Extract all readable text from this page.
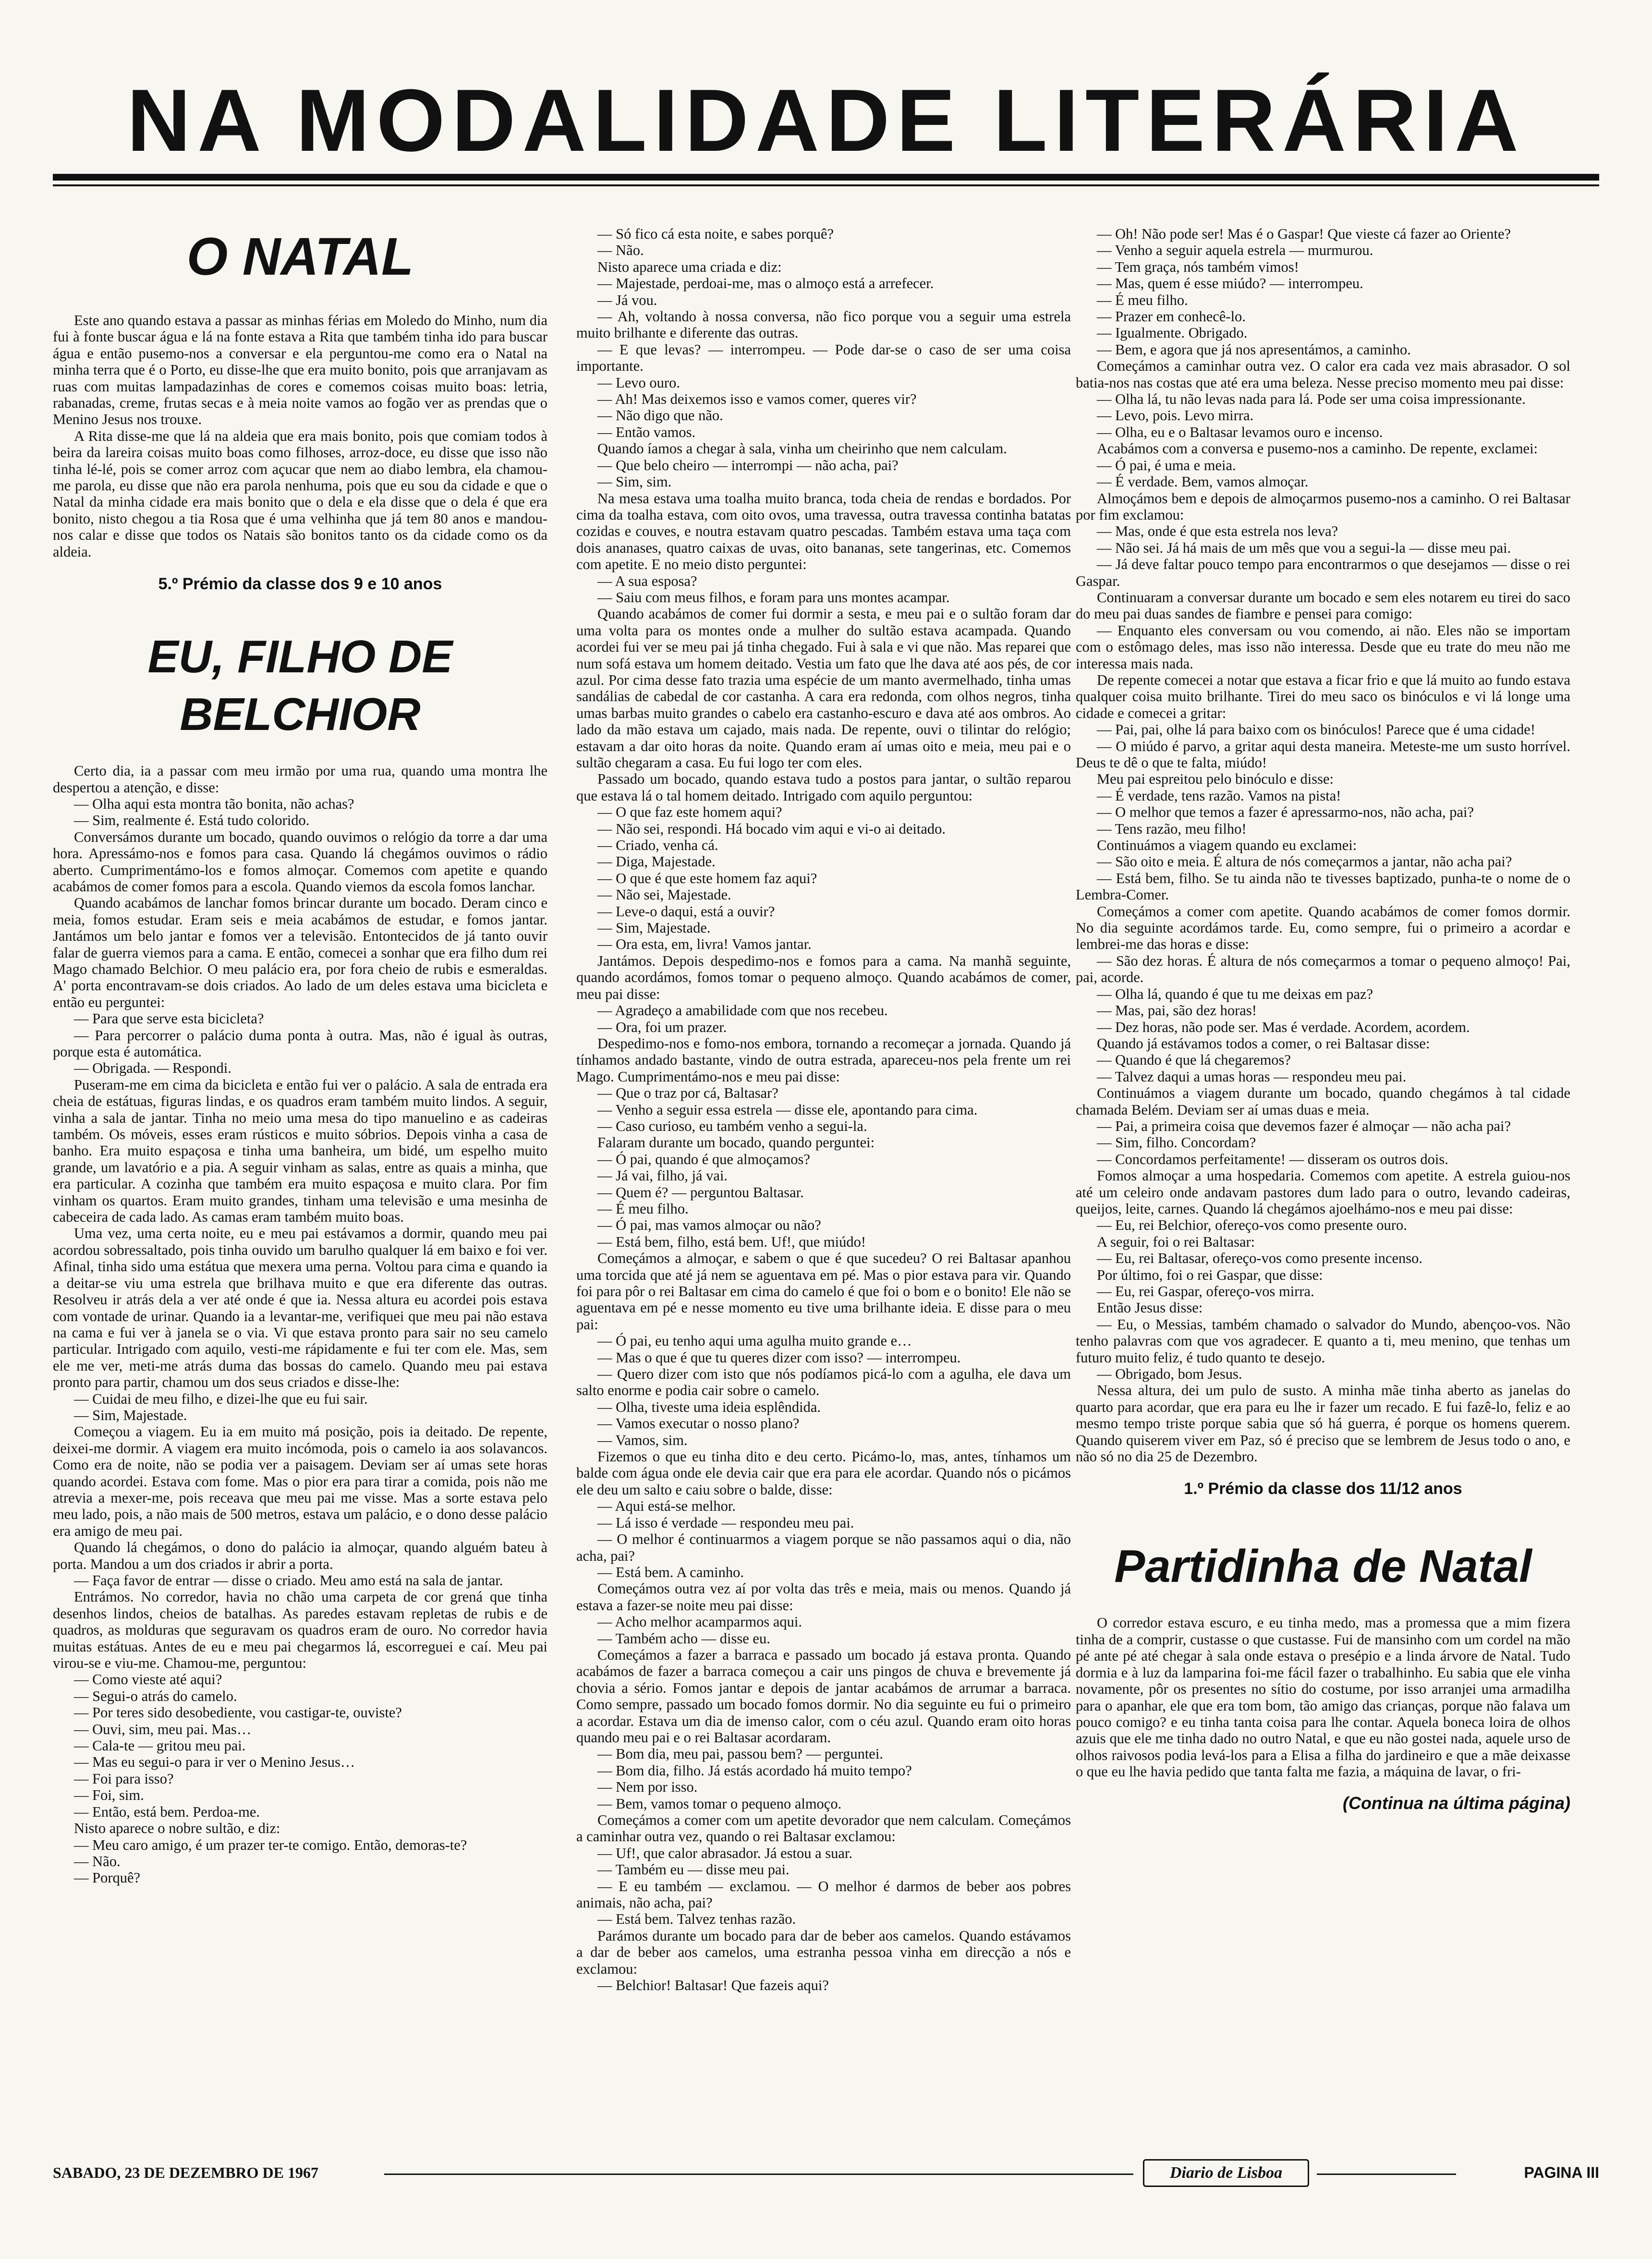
NA MODALIDADE LITERÁRIA
O NATAL

Este ano quando estava a passar as minhas férias em Moledo do Minho, num dia fui à fonte buscar água e lá na fonte estava a Rita que também tinha ido para buscar água e então pusemo-nos a conversar e ela perguntou-me como era o Natal na minha terra que é o Porto, eu disse-lhe que era muito bonito, pois que arranjavam as ruas com muitas lampadazinhas de cores e comemos coisas muito boas: letria, rabanadas, creme, frutas secas e à meia noite vamos ao fogão ver as prendas que o Menino Jesus nos trouxe.

A Rita disse-me que lá na aldeia que era mais bonito, pois que comiam todos à beira da lareira coisas muito boas como filhoses, arroz-doce, eu disse que isso não tinha lé-lé, pois se comer arroz com açucar que nem ao diabo lembra, ela chamou-me parola, eu disse que não era parola nenhuma, pois que eu sou da cidade e que o Natal da minha cidade era mais bonito que o dela e ela disse que o dela é que era bonito, nisto chegou a tia Rosa que é uma velhinha que já tem 80 anos e mandou-nos calar e disse que todos os Natais são bonitos tanto os da cidade como os da aldeia.

5.º Prémio da classe dos 9 e 10 anos
EU, FILHO DE BELCHIOR

Certo dia, ia a passar com meu irmão por uma rua, quando uma montra lhe despertou a atenção, e disse:

— Olha aqui esta montra tão bonita, não achas?

— Sim, realmente é. Está tudo colorido.

Conversámos durante um bocado, quando ouvimos o relógio da torre a dar uma hora. Apressámo-nos e fomos para casa. Quando lá chegámos ouvimos o rádio aberto. Cumprimentámo-los e fomos almoçar. Comemos com apetite e quando acabámos de comer fomos para a escola. Quando viemos da escola fomos lanchar.

Quando acabámos de lanchar fomos brincar durante um bocado. Deram cinco e meia, fomos estudar. Eram seis e meia acabámos de estudar, e fomos jantar. Jantámos um belo jantar e fomos ver a televisão. Entontecidos de já tanto ouvir falar de guerra viemos para a cama. E então, comecei a sonhar que era filho dum rei Mago chamado Belchior. O meu palácio era, por fora cheio de rubis e esmeraldas. A' porta encontravam-se dois criados. Ao lado de um deles estava uma bicicleta e então eu perguntei:

— Para que serve esta bicicleta?

— Para percorrer o palácio duma ponta à outra. Mas, não é igual às outras, porque esta é automática.

— Obrigada. — Respondi.

Puseram-me em cima da bicicleta e então fui ver o palácio. A sala de entrada era cheia de estátuas, figuras lindas, e os quadros eram também muito lindos. A seguir, vinha a sala de jantar. Tinha no meio uma mesa do tipo manuelino e as cadeiras também. Os móveis, esses eram rústicos e muito sóbrios. Depois vinha a casa de banho. Era muito espaçosa e tinha uma banheira, um bidé, um espelho muito grande, um lavatório e a pia. A seguir vinham as salas, entre as quais a minha, que era particular. A cozinha que também era muito espaçosa e muito clara. Por fim vinham os quartos. Eram muito grandes, tinham uma televisão e uma mesinha de cabeceira de cada lado. As camas eram também muito boas.

Uma vez, uma certa noite, eu e meu pai estávamos a dormir, quando meu pai acordou sobressaltado, pois tinha ouvido um barulho qualquer lá em baixo e foi ver. Afinal, tinha sido uma estátua que mexera uma perna. Voltou para cima e quando ia a deitar-se viu uma estrela que brilhava muito e que era diferente das outras. Resolveu ir atrás dela a ver até onde é que ia. Nessa altura eu acordei pois estava com vontade de urinar. Quando ia a levantar-me, verifiquei que meu pai não estava na cama e fui ver à janela se o via. Vi que estava pronto para sair no seu camelo particular. Intrigado com aquilo, vesti-me rápidamente e fui ter com ele. Mas, sem ele me ver, meti-me atrás duma das bossas do camelo. Quando meu pai estava pronto para partir, chamou um dos seus criados e disse-lhe:

— Cuidai de meu filho, e dizei-lhe que eu fui sair.

— Sim, Majestade.

Começou a viagem. Eu ia em muito má posição, pois ia deitado. De repente, deixei-me dormir. A viagem era muito incómoda, pois o camelo ia aos solavancos. Como era de noite, não se podia ver a paisagem. Deviam ser aí umas sete horas quando acordei. Estava com fome. Mas o pior era para tirar a comida, pois não me atrevia a mexer-me, pois receava que meu pai me visse. Mas a sorte estava pelo meu lado, pois, a não mais de 500 metros, estava um palácio, e o dono desse palácio era amigo de meu pai.

Quando lá chegámos, o dono do palácio ia almoçar, quando alguém bateu à porta. Mandou a um dos criados ir abrir a porta.

— Faça favor de entrar — disse o criado. Meu amo está na sala de jantar.

Entrámos. No corredor, havia no chão uma carpeta de cor grená que tinha desenhos lindos, cheios de batalhas. As paredes estavam repletas de rubis e de quadros, as molduras que seguravam os quadros eram de ouro. No corredor havia muitas estátuas. Antes de eu e meu pai chegarmos lá, escorreguei e caí. Meu pai virou-se e viu-me. Chamou-me, perguntou:

— Como vieste até aqui?

— Segui-o atrás do camelo.

— Por teres sido desobediente, vou castigar-te, ouviste?

— Ouvi, sim, meu pai. Mas…

— Cala-te — gritou meu pai.

— Mas eu segui-o para ir ver o Menino Jesus…

— Foi para isso?

— Foi, sim.

— Então, está bem. Perdoa-me.

Nisto aparece o nobre sultão, e diz:

— Meu caro amigo, é um prazer ter-te comigo. Então, demoras-te?

— Não.

— Porquê?

— Só fico cá esta noite, e sabes porquê?

— Não.

Nisto aparece uma criada e diz:

— Majestade, perdoai-me, mas o almoço está a arrefecer.

— Já vou.

— Ah, voltando à nossa conversa, não fico porque vou a seguir uma estrela muito brilhante e diferente das outras.

— E que levas? — interrompeu. — Pode dar-se o caso de ser uma coisa importante.

— Levo ouro.

— Ah! Mas deixemos isso e vamos comer, queres vir?

— Não digo que não.

— Então vamos.

Quando íamos a chegar à sala, vinha um cheirinho que nem calculam.

— Que belo cheiro — interrompi — não acha, pai?

— Sim, sim.

Na mesa estava uma toalha muito branca, toda cheia de rendas e bordados. Por cima da toalha estava, com oito ovos, uma travessa, outra travessa continha batatas cozidas e couves, e noutra estavam quatro pescadas. Também estava uma taça com dois ananases, quatro caixas de uvas, oito bananas, sete tangerinas, etc. Comemos com apetite. E no meio disto perguntei:

— A sua esposa?

— Saiu com meus filhos, e foram para uns montes acampar.

Quando acabámos de comer fui dormir a sesta, e meu pai e o sultão foram dar uma volta para os montes onde a mulher do sultão estava acampada. Quando acordei fui ver se meu pai já tinha chegado. Fui à sala e vi que não. Mas reparei que num sofá estava um homem deitado. Vestia um fato que lhe dava até aos pés, de cor azul. Por cima desse fato trazia uma espécie de um manto avermelhado, tinha umas sandálias de cabedal de cor castanha. A cara era redonda, com olhos negros, tinha umas barbas muito grandes o cabelo era castanho-escuro e dava até aos ombros. Ao lado da mão estava um cajado, mais nada. De repente, ouvi o tilintar do relógio; estavam a dar oito horas da noite. Quando eram aí umas oito e meia, meu pai e o sultão chegaram a casa. Eu fui logo ter com eles.

Passado um bocado, quando estava tudo a postos para jantar, o sultão reparou que estava lá o tal homem deitado. Intrigado com aquilo perguntou:

— O que faz este homem aqui?

— Não sei, respondi. Há bocado vim aqui e vi-o ai deitado.

— Criado, venha cá.

— Diga, Majestade.

— O que é que este homem faz aqui?

— Não sei, Majestade.

— Leve-o daqui, está a ouvir?

— Sim, Majestade.

— Ora esta, em, livra! Vamos jantar.

Jantámos. Depois despedimo-nos e fomos para a cama. Na manhã seguinte, quando acordámos, fomos tomar o pequeno almoço. Quando acabámos de comer, meu pai disse:

— Agradeço a amabilidade com que nos recebeu.

— Ora, foi um prazer.

Despedimo-nos e fomo-nos embora, tornando a recomeçar a jornada. Quando já tínhamos andado bastante, vindo de outra estrada, apareceu-nos pela frente um rei Mago. Cumprimentámo-nos e meu pai disse:

— Que o traz por cá, Baltasar?

— Venho a seguir essa estrela — disse ele, apontando para cima.

— Caso curioso, eu também venho a segui-la.

Falaram durante um bocado, quando perguntei:

— Ó pai, quando é que almoçamos?

— Já vai, filho, já vai.

— Quem é? — perguntou Baltasar.

— É meu filho.

— Ó pai, mas vamos almoçar ou não?

— Está bem, filho, está bem. Uf!, que miúdo!

Começámos a almoçar, e sabem o que é que sucedeu? O rei Baltasar apanhou uma torcida que até já nem se aguentava em pé. Mas o pior estava para vir. Quando foi para pôr o rei Baltasar em cima do camelo é que foi o bom e o bonito! Ele não se aguentava em pé e nesse momento eu tive uma brilhante ideia. E disse para o meu pai:

— Ó pai, eu tenho aqui uma agulha muito grande e…

— Mas o que é que tu queres dizer com isso? — interrompeu.

— Quero dizer com isto que nós podíamos picá-lo com a agulha, ele dava um salto enorme e podia cair sobre o camelo.

— Olha, tiveste uma ideia esplêndida.

— Vamos executar o nosso plano?

— Vamos, sim.

Fizemos o que eu tinha dito e deu certo. Picámo-lo, mas, antes, tínhamos um balde com água onde ele devia cair que era para ele acordar. Quando nós o picámos ele deu um salto e caiu sobre o balde, disse:

— Aqui está-se melhor.

— Lá isso é verdade — respondeu meu pai.

— O melhor é continuarmos a viagem porque se não passamos aqui o dia, não acha, pai?

— Está bem. A caminho.

Começámos outra vez aí por volta das três e meia, mais ou menos. Quando já estava a fazer-se noite meu pai disse:

— Acho melhor acamparmos aqui.

— Também acho — disse eu.

Começámos a fazer a barraca e passado um bocado já estava pronta. Quando acabámos de fazer a barraca começou a cair uns pingos de chuva e brevemente já chovia a sério. Fomos jantar e depois de jantar acabámos de arrumar a barraca. Como sempre, passado um bocado fomos dormir. No dia seguinte eu fui o primeiro a acordar. Estava um dia de imenso calor, com o céu azul. Quando eram oito horas quando meu pai e o rei Baltasar acordaram.

— Bom dia, meu pai, passou bem? — perguntei.

— Bom dia, filho. Já estás acordado há muito tempo?

— Nem por isso.

— Bem, vamos tomar o pequeno almoço.

Começámos a comer com um apetite devorador que nem calculam. Começámos a caminhar outra vez, quando o rei Baltasar exclamou:

— Uf!, que calor abrasador. Já estou a suar.

— Também eu — disse meu pai.

— E eu também — exclamou. — O melhor é darmos de beber aos pobres animais, não acha, pai?

— Está bem. Talvez tenhas razão.

Parámos durante um bocado para dar de beber aos camelos. Quando estávamos a dar de beber aos camelos, uma estranha pessoa vinha em direcção a nós e exclamou:

— Belchior! Baltasar! Que fazeis aqui?

— Oh! Não pode ser! Mas é o Gaspar! Que vieste cá fazer ao Oriente?

— Venho a seguir aquela estrela — murmurou.

— Tem graça, nós também vimos!

— Mas, quem é esse miúdo? — interrompeu.

— É meu filho.

— Prazer em conhecê-lo.

— Igualmente. Obrigado.

— Bem, e agora que já nos apresentámos, a caminho.

Começámos a caminhar outra vez. O calor era cada vez mais abrasador. O sol batia-nos nas costas que até era uma beleza. Nesse preciso momento meu pai disse:

— Olha lá, tu não levas nada para lá. Pode ser uma coisa impressionante.

— Levo, pois. Levo mirra.

— Olha, eu e o Baltasar levamos ouro e incenso.

Acabámos com a conversa e pusemo-nos a caminho. De repente, exclamei:

— Ó pai, é uma e meia.

— É verdade. Bem, vamos almoçar.

Almoçámos bem e depois de almoçarmos pusemo-nos a caminho. O rei Baltasar por fim exclamou:

— Mas, onde é que esta estrela nos leva?

— Não sei. Já há mais de um mês que vou a segui-la — disse meu pai.

— Já deve faltar pouco tempo para encontrarmos o que desejamos — disse o rei Gaspar.

Continuaram a conversar durante um bocado e sem eles notarem eu tirei do saco do meu pai duas sandes de fiambre e pensei para comigo:

— Enquanto eles conversam ou vou comendo, ai não. Eles não se importam com o estômago deles, mas isso não interessa. Desde que eu trate do meu não me interessa mais nada.

De repente comecei a notar que estava a ficar frio e que lá muito ao fundo estava qualquer coisa muito brilhante. Tirei do meu saco os binóculos e vi lá longe uma cidade e comecei a gritar:

— Pai, pai, olhe lá para baixo com os binóculos! Parece que é uma cidade!

— O miúdo é parvo, a gritar aqui desta maneira. Meteste-me um susto horrível. Deus te dê o que te falta, miúdo!

Meu pai espreitou pelo binóculo e disse:

— É verdade, tens razão. Vamos na pista!

— O melhor que temos a fazer é apressarmo-nos, não acha, pai?

— Tens razão, meu filho!

Continuámos a viagem quando eu exclamei:

— São oito e meia. É altura de nós começarmos a jantar, não acha pai?

— Está bem, filho. Se tu ainda não te tivesses baptizado, punha-te o nome de o Lembra-Comer.

Começámos a comer com apetite. Quando acabámos de comer fomos dormir. No dia seguinte acordámos tarde. Eu, como sempre, fui o primeiro a acordar e lembrei-me das horas e disse:

— São dez horas. É altura de nós começarmos a tomar o pequeno almoço! Pai, pai, acorde.

— Olha lá, quando é que tu me deixas em paz?

— Mas, pai, são dez horas!

— Dez horas, não pode ser. Mas é verdade. Acordem, acordem.

Quando já estávamos todos a comer, o rei Baltasar disse:

— Quando é que lá chegaremos?

— Talvez daqui a umas horas — respondeu meu pai.

Continuámos a viagem durante um bocado, quando chegámos à tal cidade chamada Belém. Deviam ser aí umas duas e meia.

— Pai, a primeira coisa que devemos fazer é almoçar — não acha pai?

— Sim, filho. Concordam?

— Concordamos perfeitamente! — disseram os outros dois.

Fomos almoçar a uma hospedaria. Comemos com apetite. A estrela guiou-nos até um celeiro onde andavam pastores dum lado para o outro, levando cadeiras, queijos, leite, carnes. Quando lá chegámos ajoelhámo-nos e meu pai disse:

— Eu, rei Belchior, ofereço-vos como presente ouro.

A seguir, foi o rei Baltasar:

— Eu, rei Baltasar, ofereço-vos como presente incenso.

Por último, foi o rei Gaspar, que disse:

— Eu, rei Gaspar, ofereço-vos mirra.

Então Jesus disse:

— Eu, o Messias, também chamado o salvador do Mundo, abençoo-vos. Não tenho palavras com que vos agradecer. E quanto a ti, meu menino, que tenhas um futuro muito feliz, é tudo quanto te desejo.

— Obrigado, bom Jesus.

Nessa altura, dei um pulo de susto. A minha mãe tinha aberto as janelas do quarto para acordar, que era para eu lhe ir fazer um recado. E fui fazê-lo, feliz e ao mesmo tempo triste porque sabia que só há guerra, é porque os homens querem. Quando quiserem viver em Paz, só é preciso que se lembrem de Jesus todo o ano, e não só no dia 25 de Dezembro.

1.º Prémio da classe dos 11/12 anos
Partidinha de Natal

O corredor estava escuro, e eu tinha medo, mas a promessa que a mim fizera tinha de a comprir, custasse o que custasse. Fui de mansinho com um cordel na mão pé ante pé até chegar à sala onde estava o presépio e a linda árvore de Natal. Tudo dormia e à luz da lamparina foi-me fácil fazer o trabalhinho. Eu sabia que ele vinha novamente, pôr os presentes no sítio do costume, por isso arranjei uma armadilha para o apanhar, ele que era tom bom, tão amigo das crianças, porque não falava um pouco comigo? e eu tinha tanta coisa para lhe contar. Aquela boneca loira de olhos azuis que ele me tinha dado no outro Natal, e que eu não gostei nada, aquele urso de olhos raivosos podia levá-los para a Elisa a filha do jardineiro e que a mãe deixasse o que eu lhe havia pedido que tanta falta me fazia, a máquina de lavar, o fri-

(Continua na última página)
SABADO, 23 DE DEZEMBRO DE 1967	Diario de Lisboa	PAGINA III
